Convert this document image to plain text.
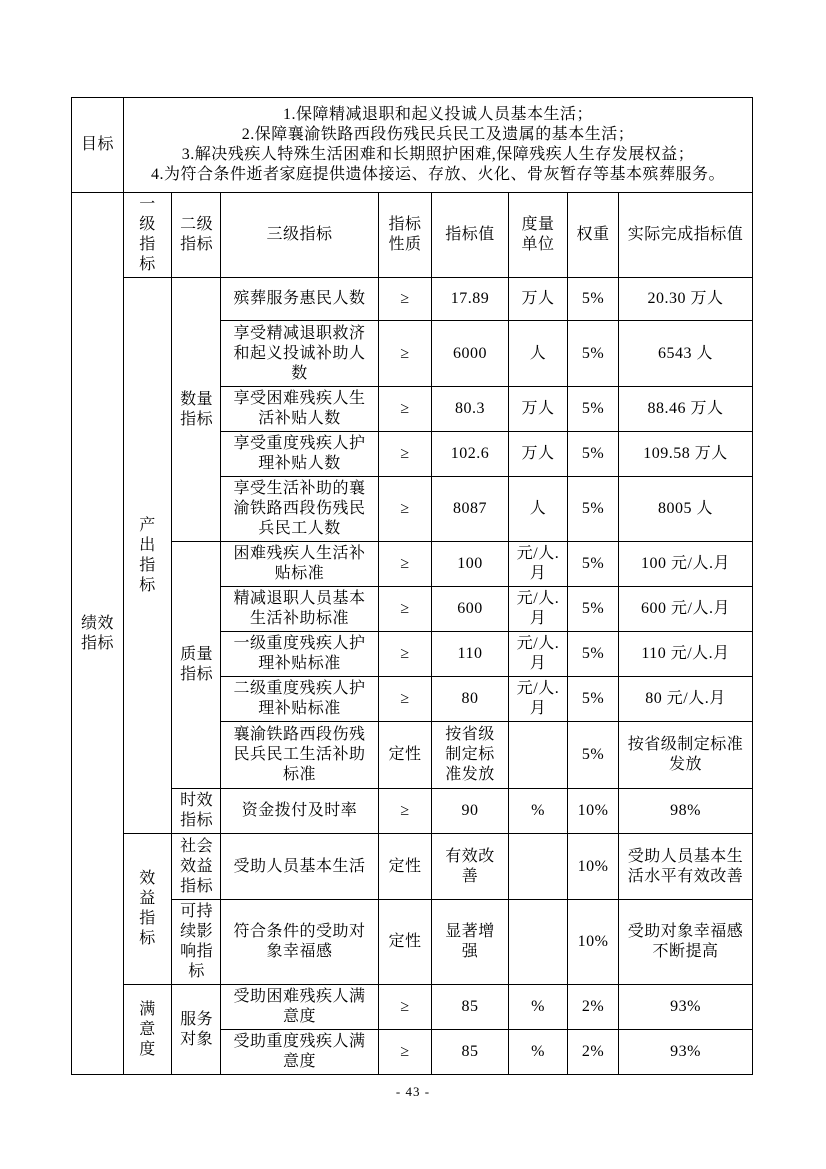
目标	1.保障精减退职和起义投诚人员基本生活；
2.保障襄渝铁路西段伤残民兵民工及遗属的基本生活；
3.解决残疾人特殊生活困难和长期照护困难,保障残疾人生存发展权益；
4.为符合条件逝者家庭提供遗体接运、存放、火化、骨灰暂存等基本殡葬服务。							

绩效指标	一级指标	二级指标	三级指标	指标性质	指标值	度量单位	权重	实际完成指标值
	产出指标	数量指标	殡葬服务惠民人数	≥	17.89	万人	5%	20.30 万人
			享受精减退职救济和起义投诚补助人数	≥	6000	人	5%	6543 人
			享受困难残疾人生活补贴人数	≥	80.3	万人	5%	88.46 万人
			享受重度残疾人护理补贴人数	≥	102.6	万人	5%	109.58 万人
			享受生活补助的襄渝铁路西段伤残民兵民工人数	≥	8087	人	5%	8005 人
		质量指标	困难残疾人生活补贴标准	≥	100	元/人.月	5%	100 元/人.月
			精减退职人员基本生活补助标准	≥	600	元/人.月	5%	600 元/人.月
			一级重度残疾人护理补贴标准	≥	110	元/人.月	5%	110 元/人.月
			二级重度残疾人护理补贴标准	≥	80	元/人.月	5%	80 元/人.月
			襄渝铁路西段伤残民兵民工生活补助标准	定性	按省级制定标准发放		5%	按省级制定标准发放
		时效指标	资金拨付及时率	≥	90	%	10%	98%
	效益指标	社会效益指标	受助人员基本生活	定性	有效改善		10%	受助人员基本生活水平有效改善
		可持续影响指标	符合条件的受助对象幸福感	定性	显著增强		10%	受助对象幸福感不断提高
	满意度	服务对象	受助困难残疾人满意度	≥	85	%	2%	93%
			受助重度残疾人满意度	≥	85	%	2%	93%
- 43 -
